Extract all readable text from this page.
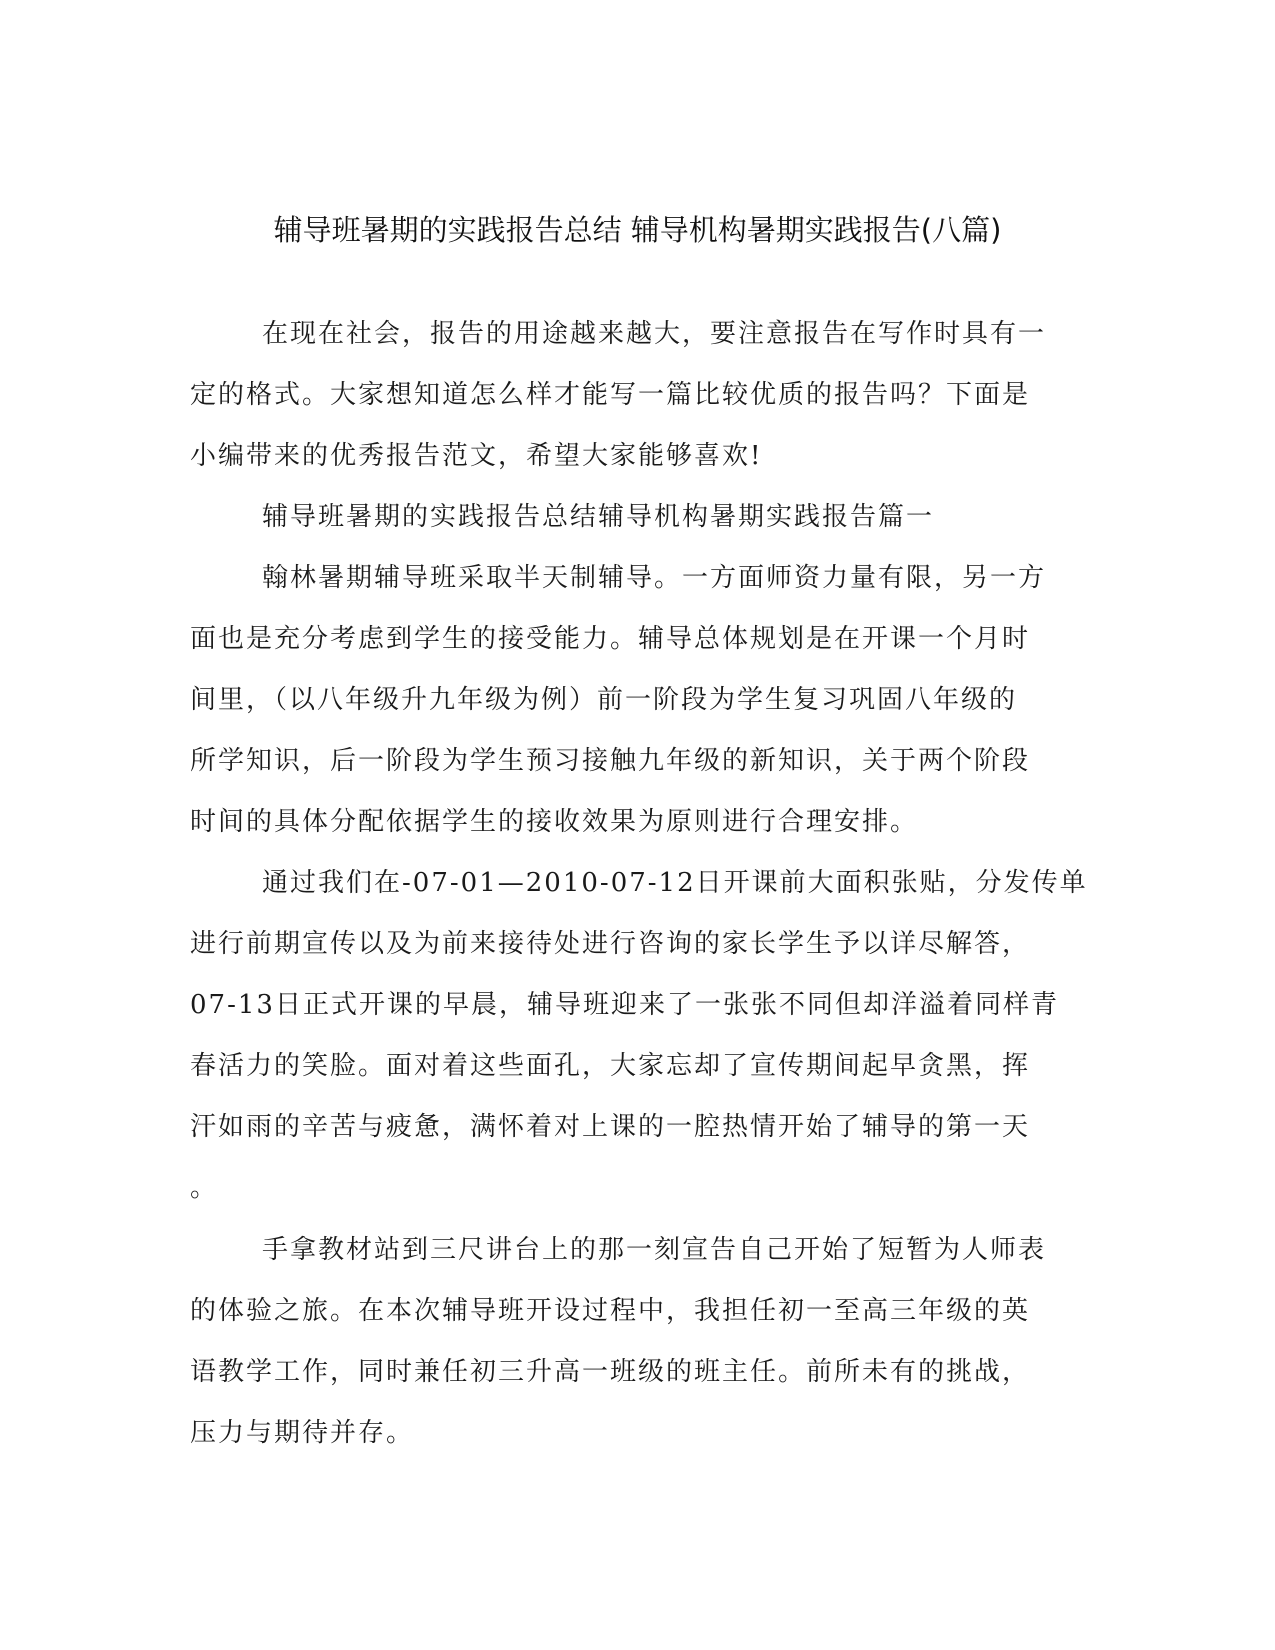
辅导班暑期的实践报告总结 辅导机构暑期实践报告(八篇)
在现在社会，报告的用途越来越大，要注意报告在写作时具有一
定的格式。大家想知道怎么样才能写一篇比较优质的报告吗？下面是
小编带来的优秀报告范文，希望大家能够喜欢!
辅导班暑期的实践报告总结辅导机构暑期实践报告篇一
翰林暑期辅导班采取半天制辅导。一方面师资力量有限，另一方
面也是充分考虑到学生的接受能力。辅导总体规划是在开课一个月时
间里，（以八年级升九年级为例）前一阶段为学生复习巩固八年级的
所学知识，后一阶段为学生预习接触九年级的新知识，关于两个阶段
时间的具体分配依据学生的接收效果为原则进行合理安排。
通过我们在-07-01—2010-07-12日开课前大面积张贴，分发传单
进行前期宣传以及为前来接待处进行咨询的家长学生予以详尽解答，
07-13日正式开课的早晨，辅导班迎来了一张张不同但却洋溢着同样青
春活力的笑脸。面对着这些面孔，大家忘却了宣传期间起早贪黑，挥
汗如雨的辛苦与疲惫，满怀着对上课的一腔热情开始了辅导的第一天
。
手拿教材站到三尺讲台上的那一刻宣告自己开始了短暂为人师表
的体验之旅。在本次辅导班开设过程中，我担任初一至高三年级的英
语教学工作，同时兼任初三升高一班级的班主任。前所未有的挑战，
压力与期待并存。
